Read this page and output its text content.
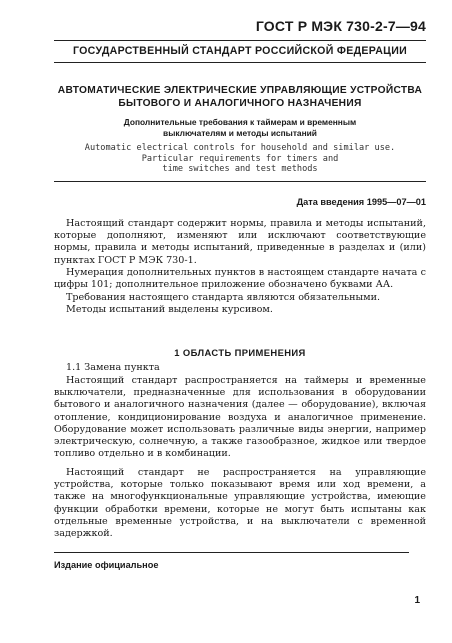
ГОСТ Р МЭК 730-2-7—94
ГОСУДАРСТВЕННЫЙ СТАНДАРТ РОССИЙСКОЙ ФЕДЕРАЦИИ
АВТОМАТИЧЕСКИЕ ЭЛЕКТРИЧЕСКИЕ УПРАВЛЯЮЩИЕ УСТРОЙСТВА
БЫТОВОГО И АНАЛОГИЧНОГО НАЗНАЧЕНИЯ
Дополнительные требования к таймерам и временным
выключателям и методы испытаний
Automatic electrical controls for household and similar use.
Particular requirements for timers and
time switches and test methods
Дата введения 1995—07—01

Настоящий стандарт содержит нормы, правила и методы испытаний, которые дополняют, изменяют или исключают соответствующие нормы, правила и методы испытаний, приведенные в разделах и (или) пунктах ГОСТ Р МЭК 730-1.

Нумерация дополнительных пунктов в настоящем стандарте начата с цифры 101; дополнительное приложение обозначено буквами АА.

Требования настоящего стандарта являются обязательными.

Методы испытаний выделены курсивом.

1 ОБЛАСТЬ ПРИМЕНЕНИЯ
1.1 Замена пункта

Настоящий стандарт распространяется на таймеры и временные выключатели, предназначенные для использования в оборудовании бытового и аналогичного назначения (далее — оборудование), включая отопление, кондиционирование воздуха и аналогичное применение. Оборудование может использовать различные виды энергии, например электрическую, солнечную, а также газообразное, жидкое или твердое топливо отдельно и в комбинации.

Настоящий стандарт не распространяется на управляющие устройства, которые только показывают время или ход времени, а также на многофункциональные управляющие устройства, имеющие функции обработки времени, которые не могут быть испытаны как отдельные временные устройства, и на выключатели с временной задержкой.

Издание официальное
1
